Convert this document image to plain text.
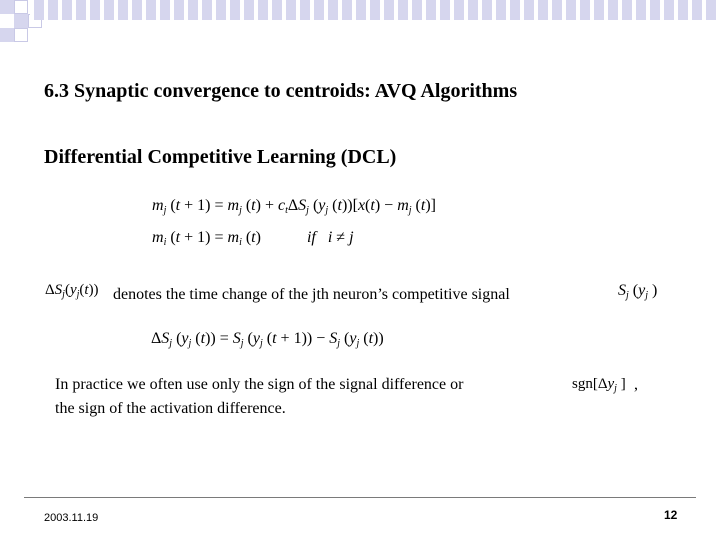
6.3 Synaptic convergence to centroids: AVQ Algorithms
Differential Competitive Learning (DCL)
$m_j$ $(t + 1) = m_j$ $(t) + c_t\Delta S_j$ ($y_j$ $(t))[x(t) - m_j$ (t)]
$m_i$ $(t + 1) = m_i$ (t)	if i ≠ j
$\Delta S_j(y_j(t))$ denotes the time change of the jth neuron’s competitive signal	$S_j$ ($y_j$ )
$\Delta S_j$ ($y_j$ $(t)) = S_j$ ($y_j$ $(t + 1)) - S_j$ ($y_j$ (t))
In practice we often use only the sign of the signal difference or	$sgn[\Delta y_j$ ] ,
the sign of the activation difference.
2003.11.19	12
